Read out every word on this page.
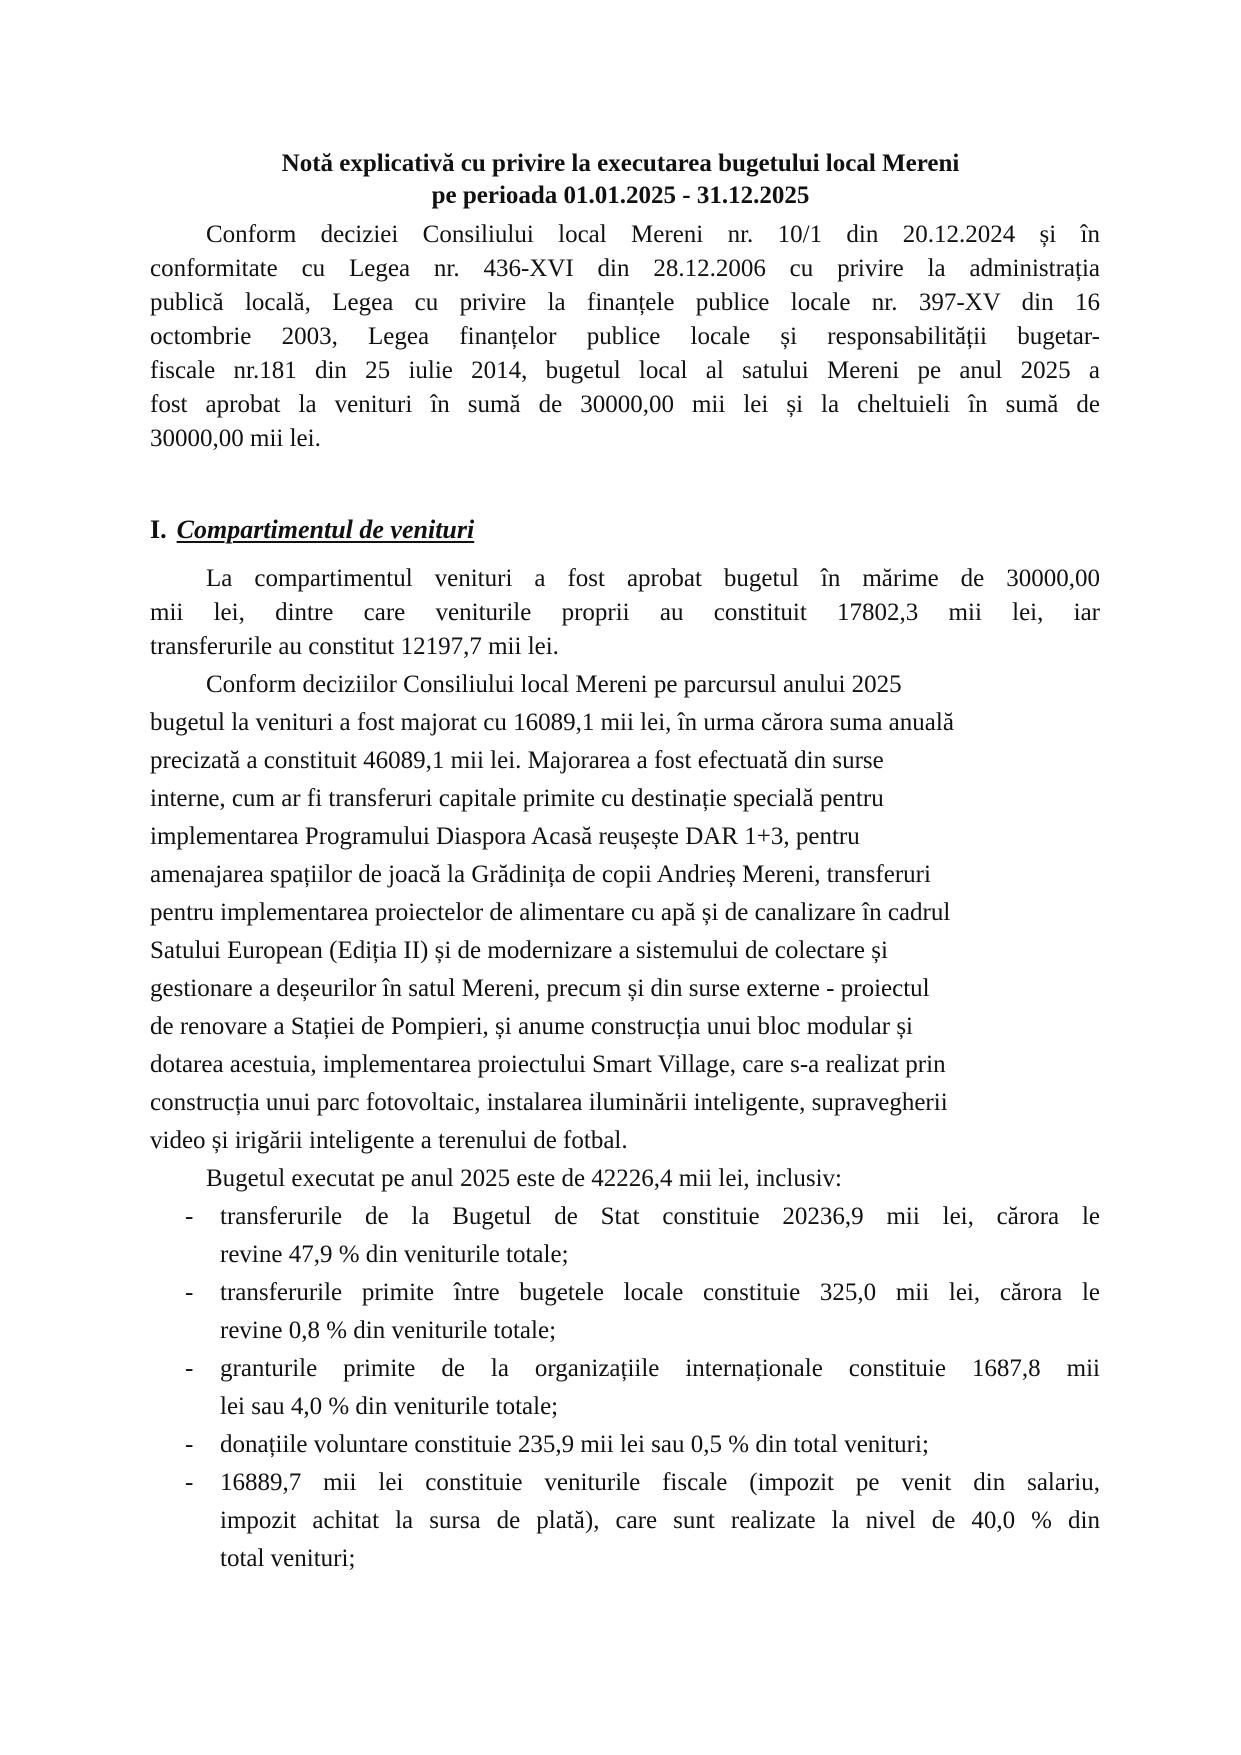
Notă explicativă cu privire la executarea bugetului local Mereni
pe perioada 01.01.2025 - 31.12.2025
Conform deciziei Consiliului local Mereni nr. 10/1 din 20.12.2024 și în
conformitate cu Legea nr. 436-XVI din 28.12.2006 cu privire la administrația
publică locală, Legea cu privire la finanțele publice locale nr. 397-XV din 16
octombrie 2003, Legea finanțelor publice locale și responsabilității bugetar-
fiscale nr.181 din 25 iulie 2014, bugetul local al satului Mereni pe anul 2025 a
fost aprobat la venituri în sumă de 30000,00 mii lei și la cheltuieli în sumă de
30000,00 mii lei.
I. Compartimentul de venituri
La compartimentul venituri a fost aprobat bugetul în mărime de 30000,00
mii lei, dintre care veniturile proprii au constituit 17802,3 mii lei, iar
transferurile au constitut 12197,7 mii lei.
Conform deciziilor Consiliului local Mereni pe parcursul anului 2025
bugetul la venituri a fost majorat cu 16089,1 mii lei, în urma cărora suma anuală
precizată a constituit 46089,1 mii lei. Majorarea a fost efectuată din surse
interne, cum ar fi transferuri capitale primite cu destinație specială pentru
implementarea Programului Diaspora Acasă reușește DAR 1+3, pentru
amenajarea spațiilor de joacă la Grădinița de copii Andrieș Mereni, transferuri
pentru implementarea proiectelor de alimentare cu apă și de canalizare în cadrul
Satului European (Ediția II) și de modernizare a sistemului de colectare și
gestionare a deșeurilor în satul Mereni, precum și din surse externe - proiectul
de renovare a Stației de Pompieri, și anume construcția unui bloc modular și
dotarea acestuia, implementarea proiectului Smart Village, care s-a realizat prin
construcția unui parc fotovoltaic, instalarea iluminării inteligente, supravegherii
video și irigării inteligente a terenului de fotbal.
Bugetul executat pe anul 2025 este de 42226,4 mii lei, inclusiv:
- transferurile de la Bugetul de Stat constituie 20236,9 mii lei, cărora le
revine 47,9 % din veniturile totale;
- transferurile primite între bugetele locale constituie 325,0 mii lei, cărora le
revine 0,8 % din veniturile totale;
- granturile primite de la organizațiile internaționale constituie 1687,8 mii
lei sau 4,0 % din veniturile totale;
- donațiile voluntare constituie 235,9 mii lei sau 0,5 % din total venituri;
- 16889,7 mii lei constituie veniturile fiscale (impozit pe venit din salariu,
impozit achitat la sursa de plată), care sunt realizate la nivel de 40,0 % din
total venituri;
